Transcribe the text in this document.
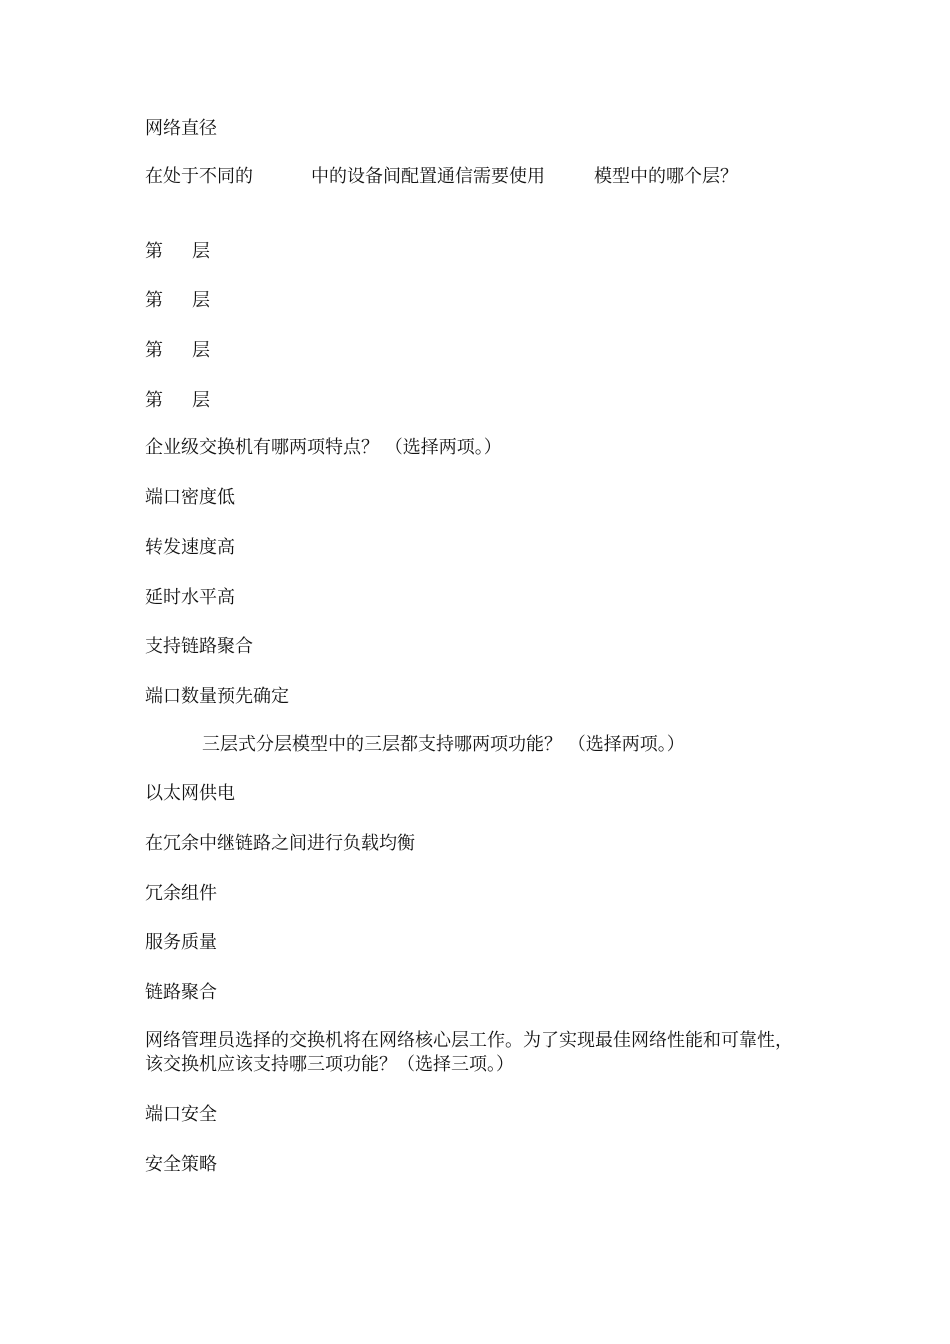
网络直径

在处于不同的	中的设备间配置通信需要使用	模型中的哪个层？

第 层

第 层

第 层

第 层

企业级交换机有哪两项特点？ （选择两项。）

端口密度低

转发速度高

延时水平高

支持链路聚合

端口数量预先确定

三层式分层模型中的三层都支持哪两项功能？ （选择两项。）

以太网供电

在冗余中继链路之间进行负载均衡

冗余组件

服务质量

链路聚合

网络管理员选择的交换机将在网络核心层工作。为了实现最佳网络性能和可靠性，该交换机应该支持哪三项功能？（选择三项。）

端口安全

安全策略
